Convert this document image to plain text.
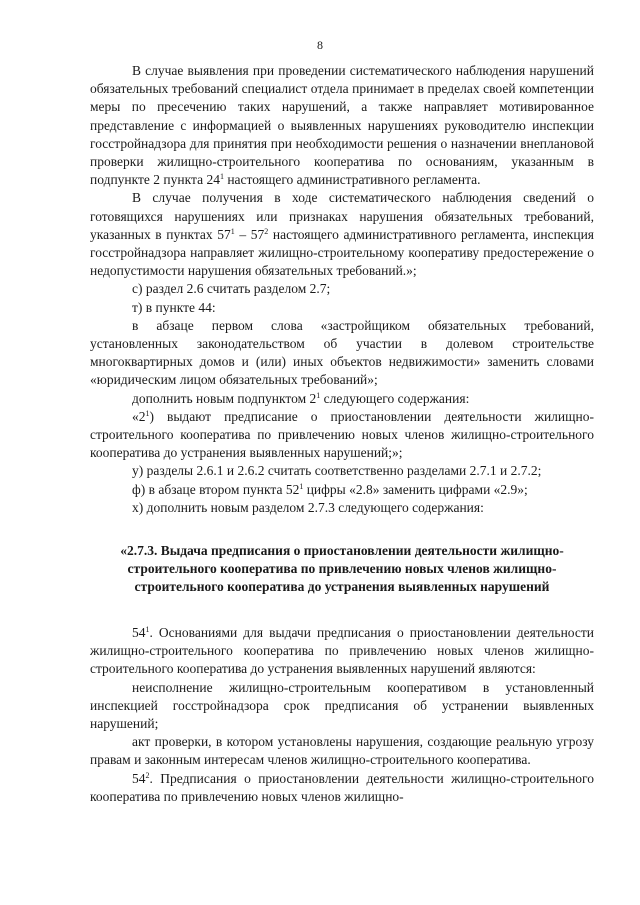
8

В случае выявления при проведении систематического наблюдения нарушений обязательных требований специалист отдела принимает в пределах своей компетенции меры по пресечению таких нарушений, а также направляет мотивированное представление с информацией о выявленных нарушениях руководителю инспекции госстройнадзора для принятия при необходимости решения о назначении внеплановой проверки жилищно-строительного кооператива по основаниям, указанным в подпункте 2 пункта $24^1$ настоящего административного регламента.

В случае получения в ходе систематического наблюдения сведений о готовящихся нарушениях или признаках нарушения обязательных требований, указанных в пунктах $57^1 - 57^2$ настоящего административного регламента, инспекция госстройнадзора направляет жилищно-строительному кооперативу предостережение о недопустимости нарушения обязательных требований.»;

с) раздел 2.6 считать разделом 2.7;

т) в пункте 44:

в абзаце первом слова «застройщиком обязательных требований, установленных законодательством об участии в долевом строительстве многоквартирных домов и (или) иных объектов недвижимости» заменить словами «юридическим лицом обязательных требований»;

дополнить новым подпунктом $2^1$ следующего содержания:

«$2^1$) выдают предписание о приостановлении деятельности жилищно-строительного кооператива по привлечению новых членов жилищно-строительного кооператива до устранения выявленных нарушений;»;

у) разделы 2.6.1 и 2.6.2 считать соответственно разделами 2.7.1 и 2.7.2;

ф) в абзаце втором пункта $52^1$ цифры «2.8» заменить цифрами «2.9»;

х) дополнить новым разделом 2.7.3 следующего содержания:

«2.7.3. Выдача предписания о приостановлении деятельности жилищно-строительного кооператива по привлечению новых членов жилищно-строительного кооператива до устранения выявленных нарушений

$54^1$. Основаниями для выдачи предписания о приостановлении деятельности жилищно-строительного кооператива по привлечению новых членов жилищно-строительного кооператива до устранения выявленных нарушений являются:

неисполнение жилищно-строительным кооперативом в установленный инспекцией госстройнадзора срок предписания об устранении выявленных нарушений;

акт проверки, в котором установлены нарушения, создающие реальную угрозу правам и законным интересам членов жилищно-строительного кооператива.

$54^2$. Предписания о приостановлении деятельности жилищно-строительного кооператива по привлечению новых членов жилищно-
